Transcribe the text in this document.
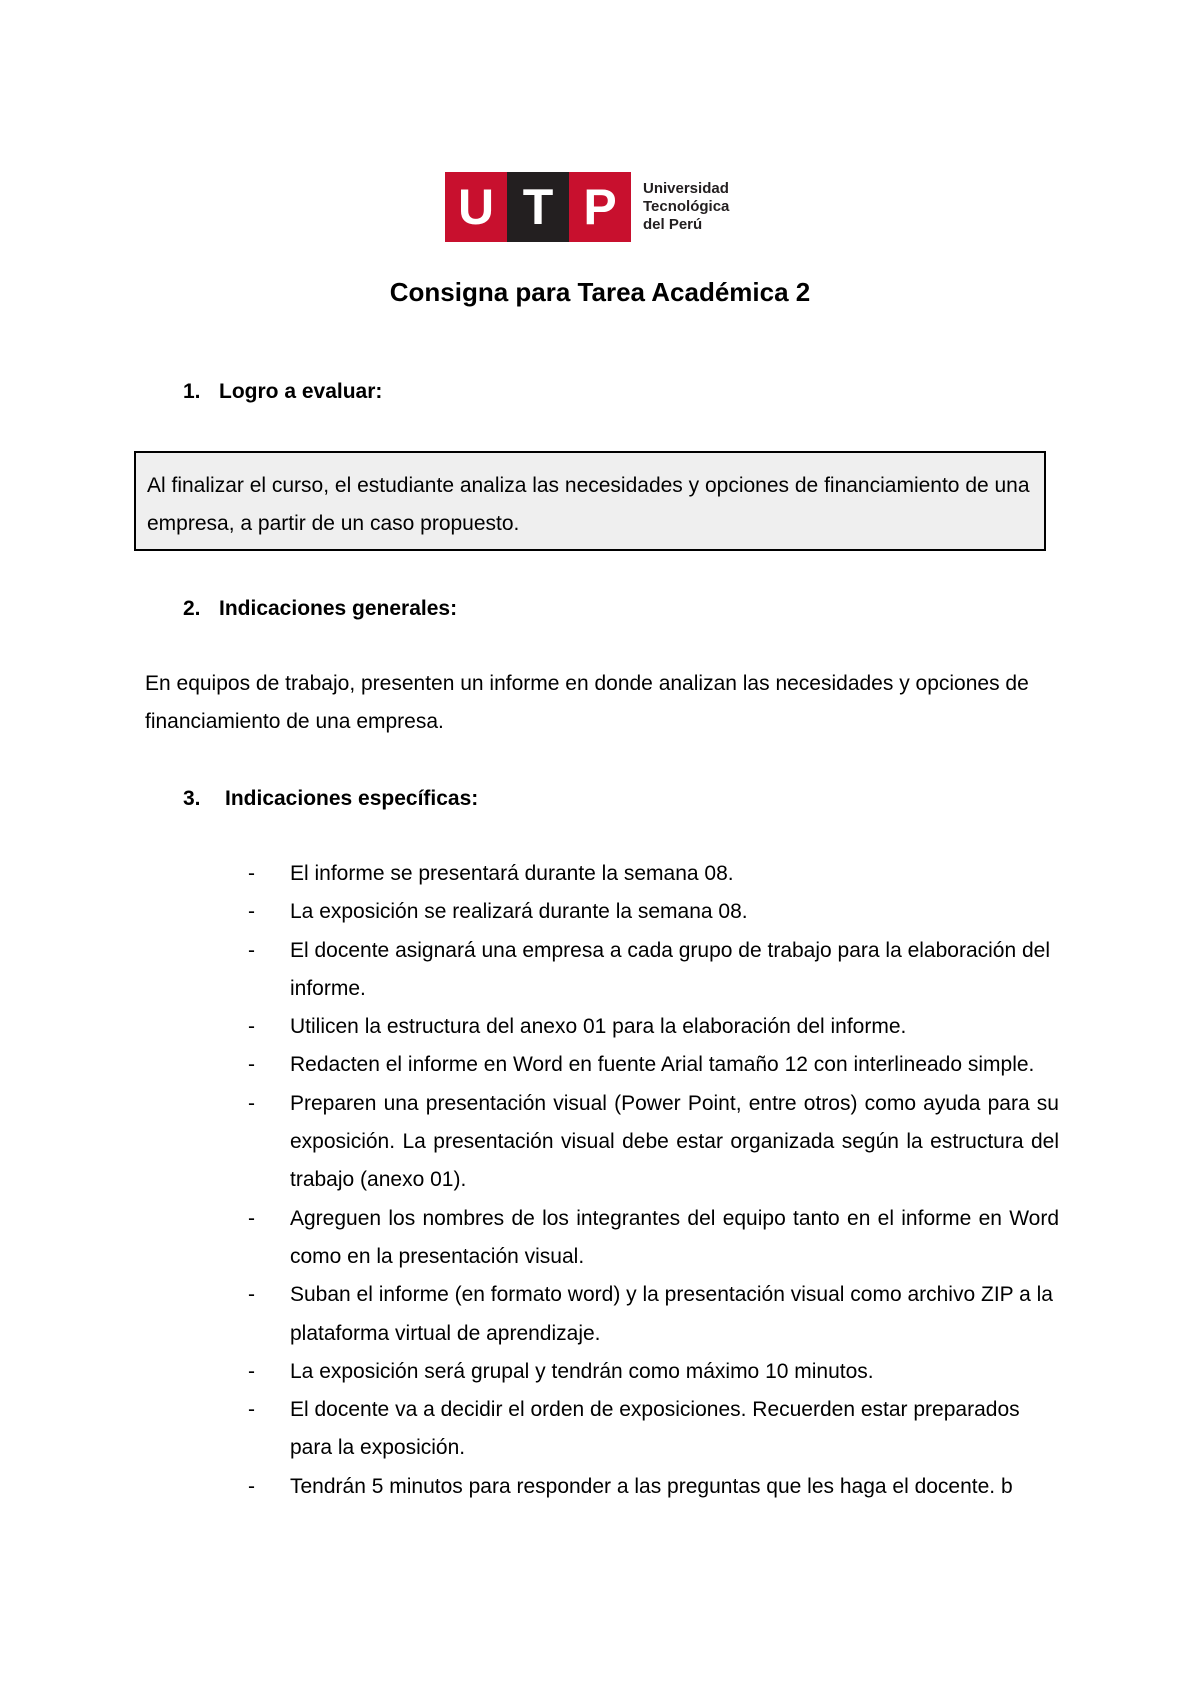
U T P	Universidad
Tecnológica
del Perú
Consigna para Tarea Académica 2
1. Logro a evaluar:
Al finalizar el curso, el estudiante analiza las necesidades y opciones de financiamiento de una empresa, a partir de un caso propuesto.
2. Indicaciones generales:
En equipos de trabajo, presenten un informe en donde analizan las necesidades y opciones de financiamiento de una empresa.
3. Indicaciones específicas:
- El informe se presentará durante la semana 08.
- La exposición se realizará durante la semana 08.
- El docente asignará una empresa a cada grupo de trabajo para la elaboración del informe.
- Utilicen la estructura del anexo 01 para la elaboración del informe.
- Redacten el informe en Word en fuente Arial tamaño 12 con interlineado simple.
- Preparen una presentación visual (Power Point, entre otros) como ayuda para su exposición. La presentación visual debe estar organizada según la estructura del trabajo (anexo 01).
- Agreguen los nombres de los integrantes del equipo tanto en el informe en Word como en la presentación visual.
- Suban el informe (en formato word) y la presentación visual como archivo ZIP a la plataforma virtual de aprendizaje.
- La exposición será grupal y tendrán como máximo 10 minutos.
- El docente va a decidir el orden de exposiciones. Recuerden estar preparados para la exposición.
- Tendrán 5 minutos para responder a las preguntas que les haga el docente. b
